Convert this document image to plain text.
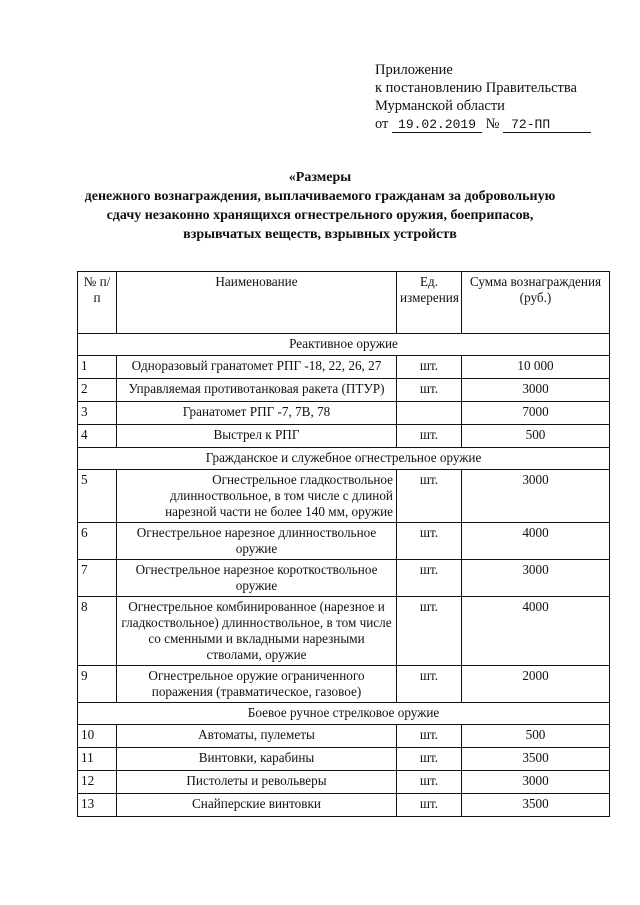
Приложение
к постановлению Правительства
Мурманской области
от 19.02.2019 № 72-ПП
«Размеры
денежного вознаграждения, выплачиваемого гражданам за добровольную
сдачу незаконно хранящихся огнестрельного оружия, боеприпасов,
взрывчатых веществ, взрывных устройств
№ п/п	Наименование	Ед. измерения	Сумма вознаграждения (руб.)
Реактивное оружие			
1	Одноразовый гранатомет РПГ -18, 22, 26, 27	шт.	10 000
2	Управляемая противотанковая ракета (ПТУР)	шт.	3000
3	Гранатомет РПГ -7, 7В, 78		7000
4	Выстрел к РПГ	шт.	500
Гражданское и служебное огнестрельное оружие			
5	Огнестрельное гладкоствольное длинноствольное, в том числе с длиной нарезной части не более 140 мм, оружие	шт.	3000
6	Огнестрельное нарезное длинноствольное оружие	шт.	4000
7	Огнестрельное нарезное короткоствольное оружие	шт.	3000
8	Огнестрельное комбинированное (нарезное и гладкоствольное) длинноствольное, в том числе со сменными и вкладными нарезными стволами, оружие	шт.	4000
9	Огнестрельное оружие ограниченного поражения (травматическое, газовое)	шт.	2000
Боевое ручное стрелковое оружие			
10	Автоматы, пулеметы	шт.	500
11	Винтовки, карабины	шт.	3500
12	Пистолеты и револьверы	шт.	3000
13	Снайперские винтовки	шт.	3500
